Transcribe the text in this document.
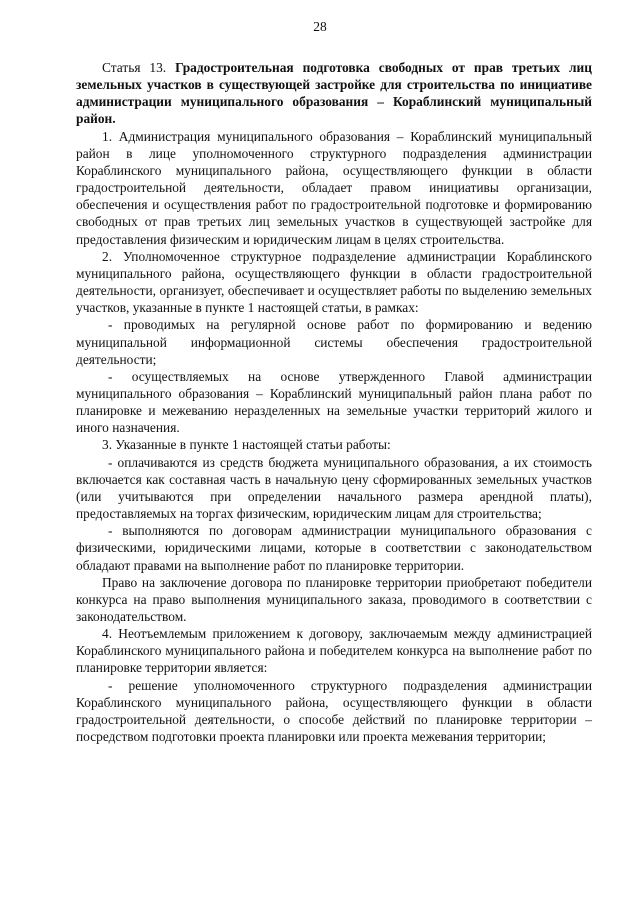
28

Статья 13. Градостроительная подготовка свободных от прав третьих лиц земельных участков в существующей застройке для строительства по инициативе администрации муниципального образования – Кораблинский муниципальный район.

1. Администрация муниципального образования – Кораблинский муниципальный район в лице уполномоченного структурного подразделения администрации Кораблинского муниципального района, осуществляющего функции в области градостроительной деятельности, обладает правом инициативы организации, обеспечения и осуществления работ по градостроительной подготовке и формированию свободных от прав третьих лиц земельных участков в существующей застройке для предоставления физическим и юридическим лицам в целях строительства.

2. Уполномоченное структурное подразделение администрации Кораблинского муниципального района, осуществляющего функции в области градостроительной деятельности, организует, обеспечивает и осуществляет работы по выделению земельных участков, указанные в пункте 1 настоящей статьи, в рамках:

- проводимых на регулярной основе работ по формированию и ведению муниципальной информационной системы обеспечения градостроительной деятельности;

- осуществляемых на основе утвержденного Главой администрации муниципального образования – Кораблинский муниципальный район плана работ по планировке и межеванию неразделенных на земельные участки территорий жилого и иного назначения.

3. Указанные в пункте 1 настоящей статьи работы:

- оплачиваются из средств бюджета муниципального образования, а их стоимость включается как составная часть в начальную цену сформированных земельных участков (или учитываются при определении начального размера арендной платы), предоставляемых на торгах физическим, юридическим лицам для строительства;

- выполняются по договорам администрации муниципального образования с физическими, юридическими лицами, которые в соответствии с законодательством обладают правами на выполнение работ по планировке территории.

Право на заключение договора по планировке территории приобретают победители конкурса на право выполнения муниципального заказа, проводимого в соответствии с законодательством.

4. Неотъемлемым приложением к договору, заключаемым между администрацией Кораблинского муниципального района и победителем конкурса на выполнение работ по планировке территории является:

- решение уполномоченного структурного подразделения администрации Кораблинского муниципального района, осуществляющего функции в области градостроительной деятельности, о способе действий по планировке территории – посредством подготовки проекта планировки или проекта межевания территории;
